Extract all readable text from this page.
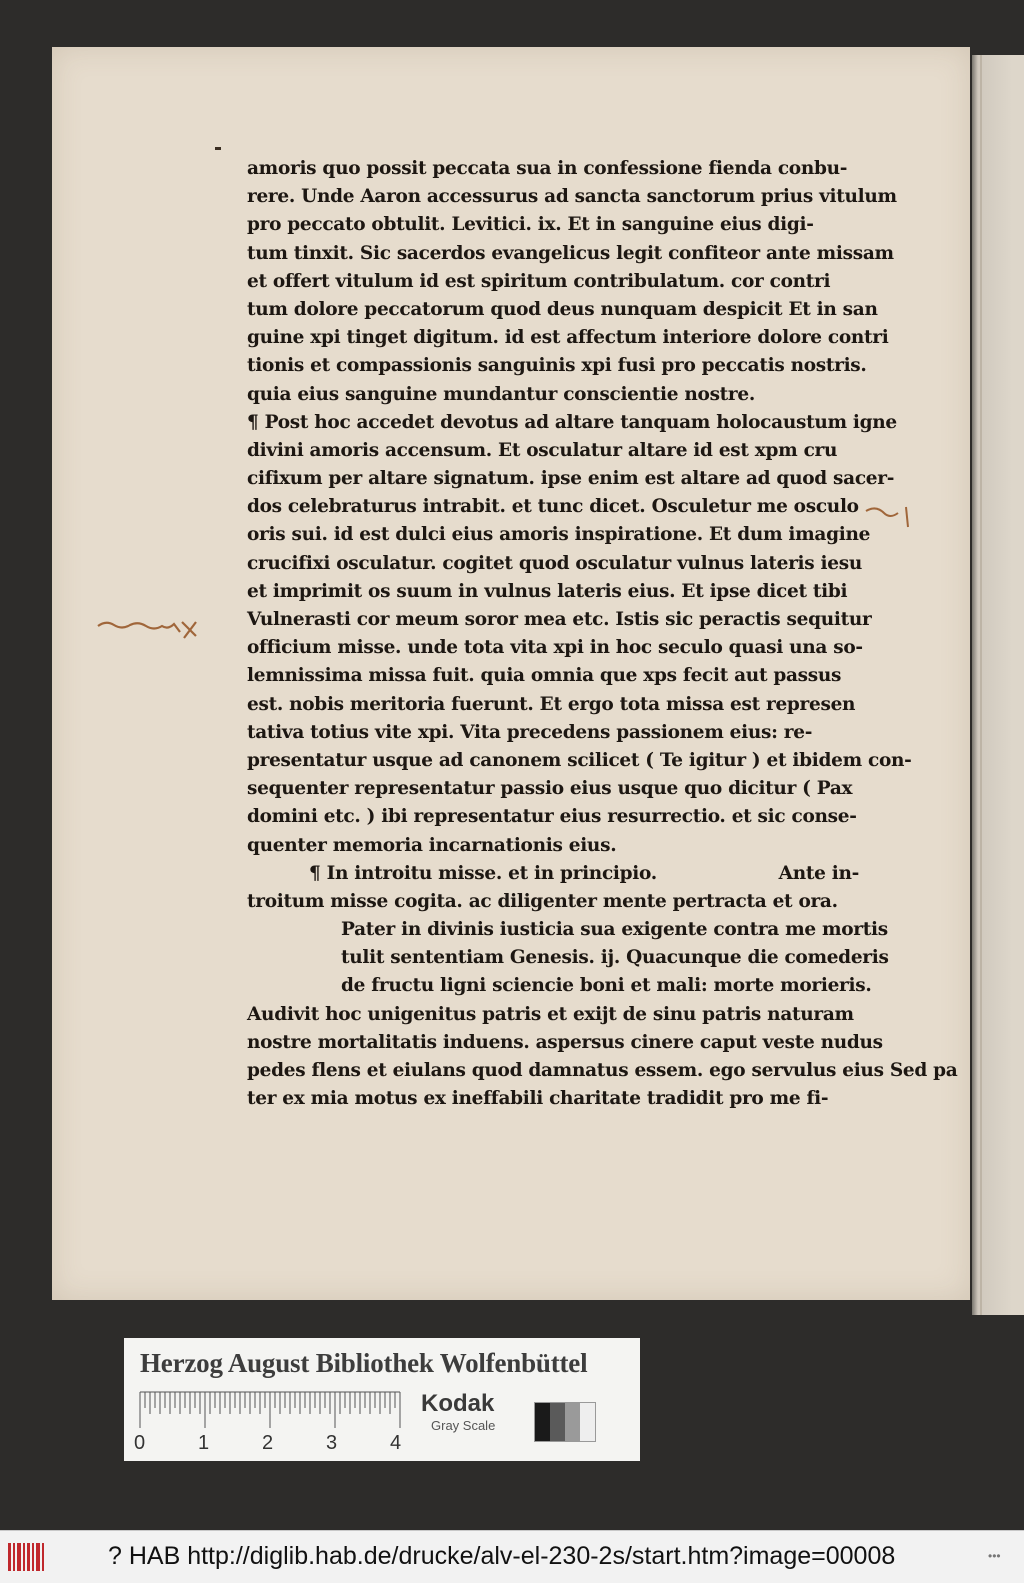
amoris quo possit peccata sua in confessione fienda conbu-
rere. Unde Aaron accessurus ad sancta sanctorum prius vitulum
pro peccato obtulit. Levitici. ix. Et in sanguine eius digi-
tum tinxit. Sic sacerdos evangelicus legit confiteor ante missam
et offert vitulum id est spiritum contribulatum. cor contri
tum dolore peccatorum quod deus nunquam despicit Et in san
guine xpi tinget digitum. id est affectum interiore dolore contri
tionis et compassionis sanguinis xpi fusi pro peccatis nostris.
quia eius sanguine mundantur conscientie nostre.
¶ Post hoc accedet devotus ad altare tanquam holocaustum igne
divini amoris accensum. Et osculatur altare id est xpm cru
cifixum per altare signatum. ipse enim est altare ad quod sacer-
dos celebraturus intrabit. et tunc dicet. Osculetur me osculo
oris sui. id est dulci eius amoris inspiratione. Et dum imagine
crucifixi osculatur. cogitet quod osculatur vulnus lateris iesu
et imprimit os suum in vulnus lateris eius. Et ipse dicet tibi
Vulnerasti cor meum soror mea etc. Istis sic peractis sequitur
officium misse. unde tota vita xpi in hoc seculo quasi una so-
lemnissima missa fuit. quia omnia que xps fecit aut passus
est. nobis meritoria fuerunt. Et ergo tota missa est represen
tativa totius vite xpi. Vita precedens passionem eius: re-
presentatur usque ad canonem scilicet ( Te igitur ) et ibidem con-
sequenter representatur passio eius usque quo dicitur ( Pax
domini etc. ) ibi representatur eius resurrectio. et sic conse-
quenter memoria incarnationis eius.
¶ In introitu misse. et in principio.	Ante in-
troitum misse cogita. ac diligenter mente pertracta et ora.
Pater in divinis iusticia sua exigente contra me mortis
tulit sententiam Genesis. ij. Quacunque die comederis
de fructu ligni sciencie boni et mali: morte morieris.
Audivit hoc unigenitus patris et exijt de sinu patris naturam
nostre mortalitatis induens. aspersus cinere caput veste nudus
pedes flens et eiulans quod damnatus essem. ego servulus eius Sed pa
ter ex mia motus ex ineffabili charitate tradidit pro me fi-
Herzog August Bibliothek Wolfenbüttel
0	1	2	3	4
Kodak
Gray Scale
? HAB http://diglib.hab.de/drucke/alv-el-230-2s/start.htm?image=00008	•••
